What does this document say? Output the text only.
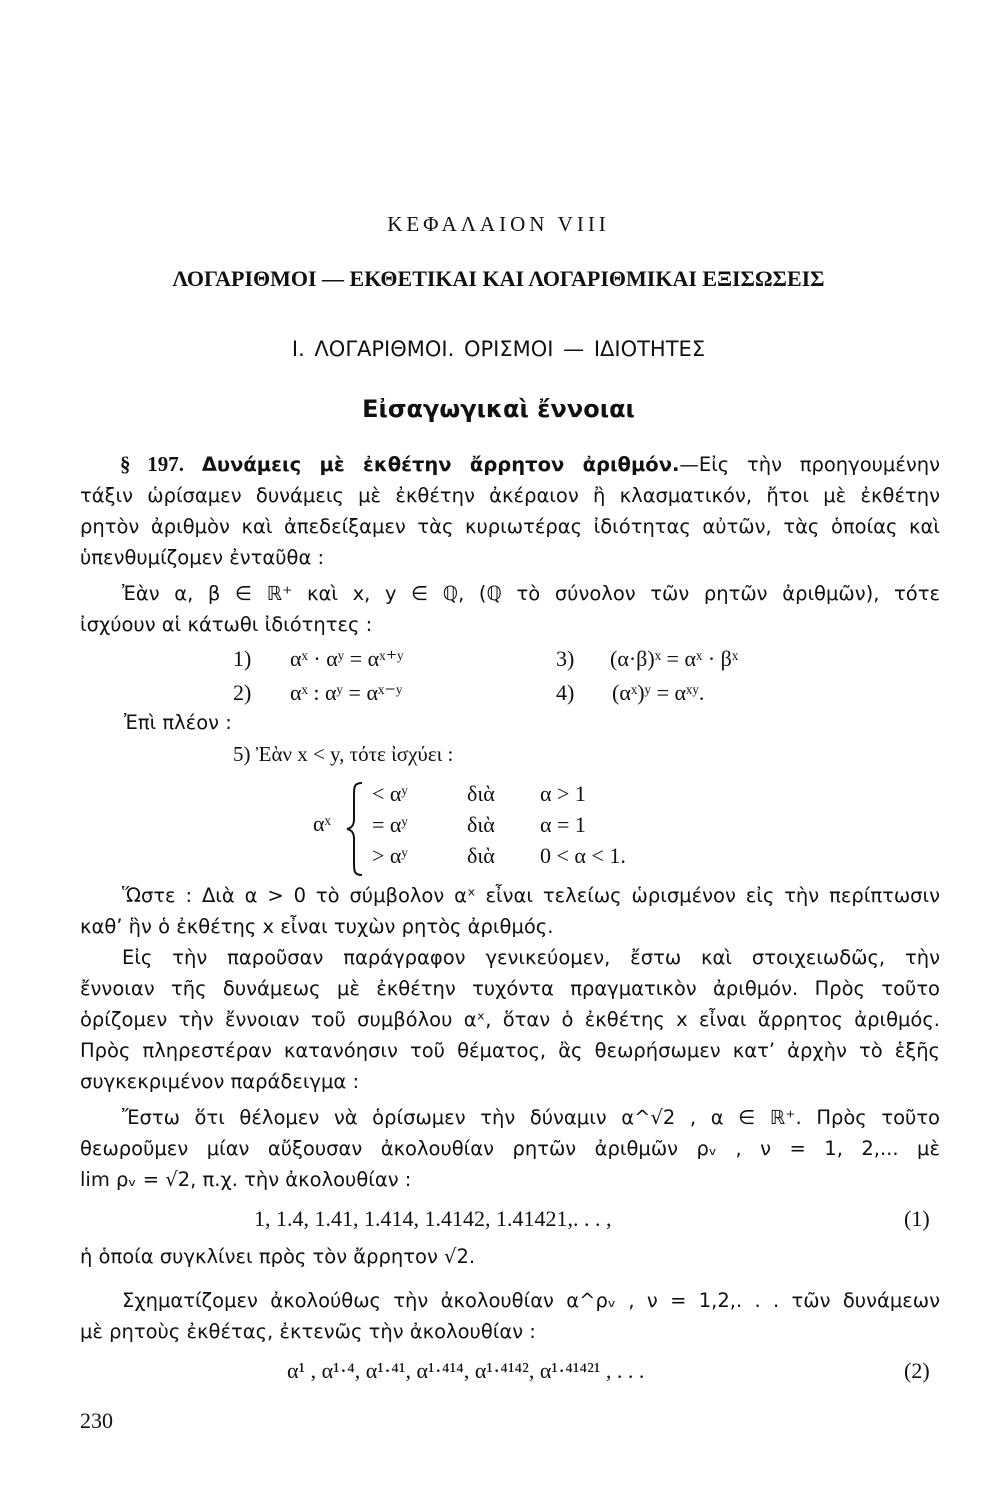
ΚΕΦΑΛΑΙΟΝ VIII
ΛΟΓΑΡΙΘΜΟΙ — ΕΚΘΕΤΙΚΑΙ ΚΑΙ ΛΟΓΑΡΙΘΜΙΚΑΙ ΕΞΙΣΩΣΕΙΣ
I. ΛΟΓΑΡΙΘΜΟΙ. ΟΡΙΣΜΟΙ — ΙΔΙΟΤΗΤΕΣ
Εἰσαγωγικαὶ ἔννοιαι
§ 197. Δυνάμεις μὲ ἐκθέτην ἄρρητον ἀριθμόν.—Εἰς τὴν προηγουμένην
τάξιν ὡρίσαμεν δυνάμεις μὲ ἐκθέτην ἀκέραιον ἢ κλασματικόν, ἤτοι μὲ ἐκθέτην
ρητὸν ἀριθμὸν καὶ ἀπεδείξαμεν τὰς κυριωτέρας ἰδιότητας αὐτῶν, τὰς ὁποίας καὶ
ὑπενθυμίζομεν ἐνταῦθα :
Ἐὰν α, β ∈ ℝ⁺ καὶ x, y ∈ ℚ, (ℚ τὸ σύνολον τῶν ρητῶν ἀριθμῶν), τότε
ἰσχύουν αἱ κάτωθι ἰδιότητες :
1) αˣ · αʸ = αˣ⁺ʸ	3) (α·β)ˣ = αˣ · βˣ
2) αˣ : αʸ = αˣ⁻ʸ	4) (αˣ)ʸ = αˣʸ.
Ἐπὶ πλέον :
5) Ἐὰν x < y, τότε ἰσχύει :
αˣ
< αʸ	διὰ α > 1
= αʸ	διὰ α = 1
> αʸ	διὰ 0 < α < 1.
Ὥστε : Διὰ α > 0 τὸ σύμβολον αˣ εἶναι τελείως ὡρισμένον εἰς τὴν περίπτωσιν
καθ’ ἣν ὁ ἐκθέτης x εἶναι τυχὼν ρητὸς ἀριθμός.
Εἰς τὴν παροῦσαν παράγραφον γενικεύομεν, ἔστω καὶ στοιχειωδῶς, τὴν
ἔννοιαν τῆς δυνάμεως μὲ ἐκθέτην τυχόντα πραγματικὸν ἀριθμόν. Πρὸς τοῦτο
ὁρίζομεν τὴν ἔννοιαν τοῦ συμβόλου αˣ, ὅταν ὁ ἐκθέτης x εἶναι ἄρρητος ἀριθμός.
Πρὸς πληρεστέραν κατανόησιν τοῦ θέματος, ἂς θεωρήσωμεν κατ’ ἀρχὴν τὸ ἑξῆς
συγκεκριμένον παράδειγμα :
Ἔστω ὅτι θέλομεν νὰ ὁρίσωμεν τὴν δύναμιν α^√2 , α ∈ ℝ⁺. Πρὸς τοῦτο
θεωροῦμεν μίαν αὔξουσαν ἀκολουθίαν ρητῶν ἀριθμῶν ρᵥ , ν = 1, 2,... μὲ
lim ρᵥ = √2, π.χ. τὴν ἀκολουθίαν :
1, 1.4, 1.41, 1.414, 1.4142, 1.41421,. . . ,	(1)
ἡ ὁποία συγκλίνει πρὸς τὸν ἄρρητον √2.
Σχηματίζομεν ἀκολούθως τὴν ἀκολουθίαν α^ρᵥ , ν = 1,2,. . . τῶν δυνάμεων
μὲ ρητοὺς ἐκθέτας, ἐκτενῶς τὴν ἀκολουθίαν :
α¹ , α¹·⁴, α¹·⁴¹, α¹·⁴¹⁴, α¹·⁴¹⁴², α¹·⁴¹⁴²¹ , . . .	(2)
230
